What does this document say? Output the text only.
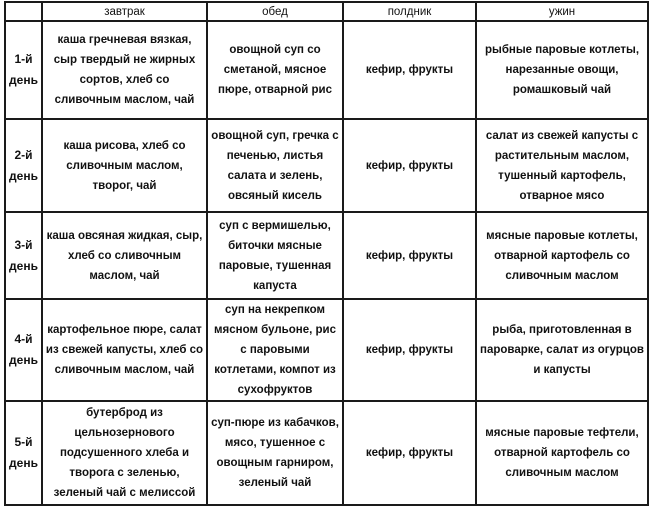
	завтрак	обед	полдник	ужин
1-й день	каша гречневая вязкая, сыр твердый не жирных сортов, хлеб со сливочным маслом, чай	овощной суп со сметаной, мясное пюре, отварной рис	кефир, фрукты	рыбные паровые котлеты, нарезанные овощи, ромашковый чай
2-й день	каша рисова, хлеб со сливочным маслом, творог, чай	овощной суп, гречка с печенью, листья салата и зелень, овсяный кисель	кефир, фрукты	салат из свежей капусты с растительным маслом, тушенный картофель, отварное мясо
3-й день	каша овсяная жидкая, сыр, хлеб со сливочным маслом, чай	суп с вермишелью, биточки мясные паровые, тушенная капуста	кефир, фрукты	мясные паровые котлеты, отварной картофель со сливочным маслом
4-й день	картофельное пюре, салат из свежей капусты, хлеб со сливочным маслом, чай	суп на некрепком мясном бульоне, рис с паровыми котлетами, компот из сухофруктов	кефир, фрукты	рыба, приготовленная в пароварке, салат из огурцов и капусты
5-й день	бутерброд из цельнозернового подсушенного хлеба и творога с зеленью, зеленый чай с мелиссой	суп-пюре из кабачков, мясо, тушенное с овощным гарниром, зеленый чай	кефир, фрукты	мясные паровые тефтели, отварной картофель со сливочным маслом
